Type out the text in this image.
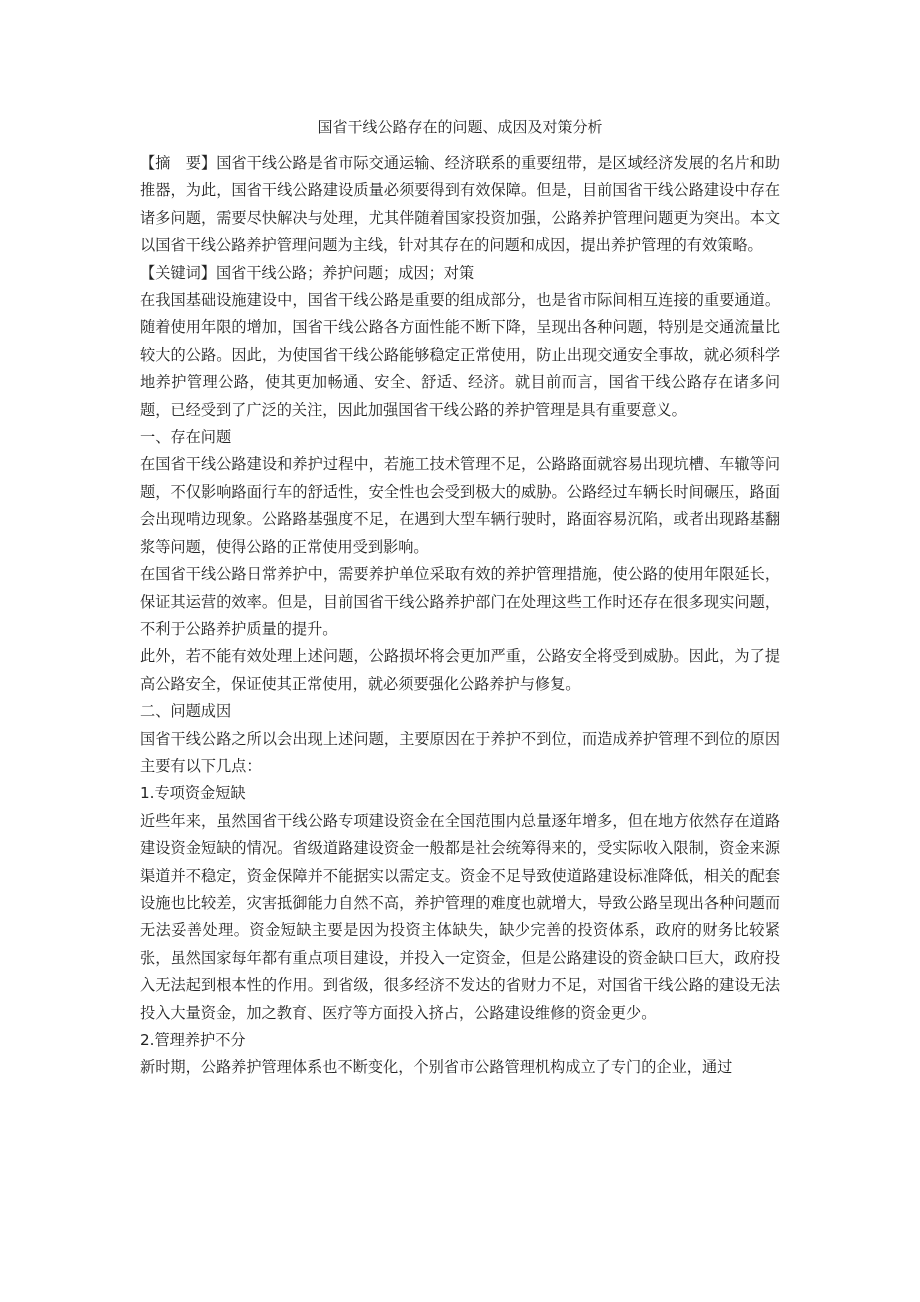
国省干线公路存在的问题、成因及对策分析

【摘　要】国省干线公路是省市际交通运输、经济联系的重要纽带，是区域经济发展的名片和助推器，为此，国省干线公路建设质量必须要得到有效保障。但是，目前国省干线公路建设中存在诸多问题，需要尽快解决与处理，尤其伴随着国家投资加强，公路养护管理问题更为突出。本文以国省干线公路养护管理问题为主线，针对其存在的问题和成因，提出养护管理的有效策略。

【关键词】国省干线公路；养护问题；成因；对策

在我国基础设施建设中，国省干线公路是重要的组成部分，也是省市际间相互连接的重要通道。随着使用年限的增加，国省干线公路各方面性能不断下降，呈现出各种问题，特别是交通流量比较大的公路。因此，为使国省干线公路能够稳定正常使用，防止出现交通安全事故，就必须科学地养护管理公路，使其更加畅通、安全、舒适、经济。就目前而言，国省干线公路存在诸多问题，已经受到了广泛的关注，因此加强国省干线公路的养护管理是具有重要意义。

一、存在问题

在国省干线公路建设和养护过程中，若施工技术管理不足，公路路面就容易出现坑槽、车辙等问题，不仅影响路面行车的舒适性，安全性也会受到极大的威胁。公路经过车辆长时间碾压，路面会出现啃边现象。公路路基强度不足，在遇到大型车辆行驶时，路面容易沉陷，或者出现路基翻浆等问题，使得公路的正常使用受到影响。

在国省干线公路日常养护中，需要养护单位采取有效的养护管理措施，使公路的使用年限延长，保证其运营的效率。但是，目前国省干线公路养护部门在处理这些工作时还存在很多现实问题，不利于公路养护质量的提升。

此外，若不能有效处理上述问题，公路损坏将会更加严重，公路安全将受到威胁。因此，为了提高公路安全，保证使其正常使用，就必须要强化公路养护与修复。

二、问题成因

国省干线公路之所以会出现上述问题，主要原因在于养护不到位，而造成养护管理不到位的原因主要有以下几点：

1.专项资金短缺

近些年来，虽然国省干线公路专项建设资金在全国范围内总量逐年增多，但在地方依然存在道路建设资金短缺的情况。省级道路建设资金一般都是社会统筹得来的，受实际收入限制，资金来源渠道并不稳定，资金保障并不能据实以需定支。资金不足导致使道路建设标准降低，相关的配套设施也比较差，灾害抵御能力自然不高，养护管理的难度也就增大，导致公路呈现出各种问题而无法妥善处理。资金短缺主要是因为投资主体缺失，缺少完善的投资体系，政府的财务比较紧张，虽然国家每年都有重点项目建设，并投入一定资金，但是公路建设的资金缺口巨大，政府投入无法起到根本性的作用。到省级，很多经济不发达的省财力不足，对国省干线公路的建设无法投入大量资金，加之教育、医疗等方面投入挤占，公路建设维修的资金更少。

2.管理养护不分

新时期，公路养护管理体系也不断变化，个别省市公路管理机构成立了专门的企业，通过
